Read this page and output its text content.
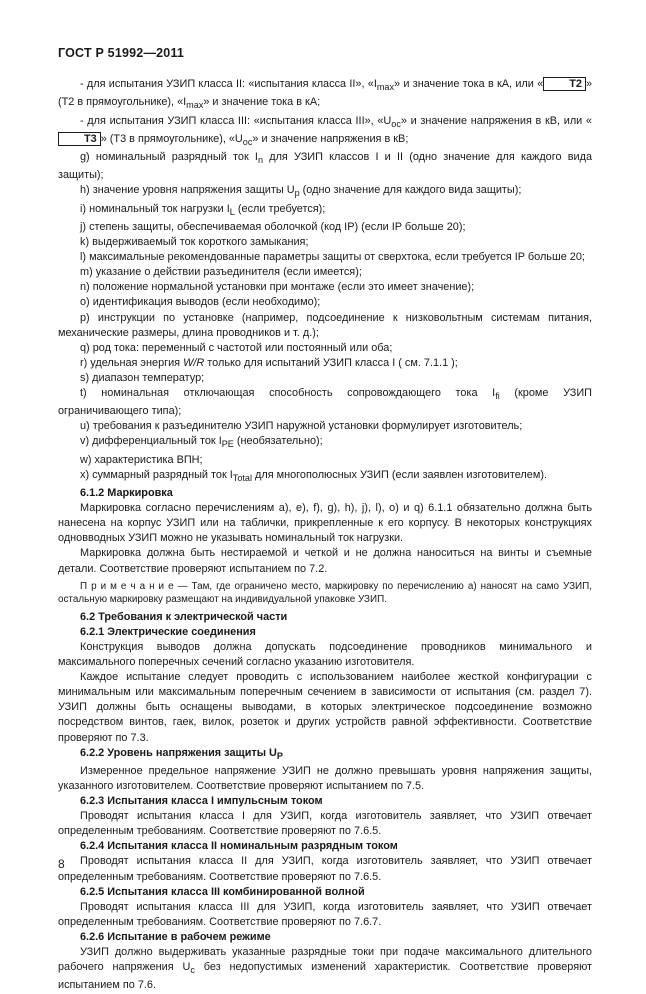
ГОСТ Р 51992—2011

- для испытания УЗИП класса II: «испытания класса II», «$I_{max}$» и значение тока в кА, или « T2 » (Т2 в прямоугольнике), «$I_{max}$» и значение тока в кА;

- для испытания УЗИП класса III: «испытания класса III», «$U_{oc}$» и значение напряжения в кВ, или «T3 » (Т3 в прямоугольнике), «$U_{oc}$» и значение напряжения в кВ;

g) номинальный разрядный ток $I_n$ для УЗИП классов I и II (одно значение для каждого вида защиты);

h) значение уровня напряжения защиты $U_p$ (одно значение для каждого вида защиты);

i) номинальный ток нагрузки $I_L$ (если требуется);

j) степень защиты, обеспечиваемая оболочкой (код IP) (если IP больше 20);

k) выдерживаемый ток короткого замыкания;

l) максимальные рекомендованные параметры защиты от сверхтока, если требуется IP больше 20;

m) указание о действии разъединителя (если имеется);

n) положение нормальной установки при монтаже (если это имеет значение);

o) идентификация выводов (если необходимо);

p) инструкции по установке (например, подсоединение к низковольтным системам питания, механические размеры, длина проводников и т. д.);

q) род тока: переменный с частотой или постоянный или оба;

r) удельная энергия W/R только для испытаний УЗИП класса I ( см. 7.1.1 );

s) диапазон температур;

t) номинальная отключающая способность сопровождающего тока $I_{fi}$ (кроме УЗИП ограничивающего типа);

u) требования к разъединителю УЗИП наружной установки формулирует изготовитель;

v) дифференциальный ток $I_{PE}$ (необязательно);

w) характеристика ВПН;

x) суммарный разрядный ток $I_{Total}$ для многополюсных УЗИП (если заявлен изготовителем).

6.1.2 Маркировка

Маркировка согласно перечислениям a), e), f), g), h), j), l), o) и q) 6.1.1 обязательно должна быть нанесена на корпус УЗИП или на таблички, прикрепленные к его корпусу. В некоторых конструкциях одновводных УЗИП можно не указывать номинальный ток нагрузки.

Маркировка должна быть нестираемой и четкой и не должна наноситься на винты и съемные детали. Соответствие проверяют испытанием по 7.2.

П р и м е ч а н и е — Там, где ограничено место, маркировку по перечислению a) наносят на само УЗИП, остальную маркировку размещают на индивидуальной упаковке УЗИП.

6.2 Требования к электрической части

6.2.1 Электрические соединения

Конструкция выводов должна допускать подсоединение проводников минимального и максимального поперечных сечений согласно указанию изготовителя.

Каждое испытание следует проводить с использованием наиболее жесткой конфигурации с минимальным или максимальным поперечным сечением в зависимости от испытания (см. раздел 7). УЗИП должны быть оснащены выводами, в которых электрическое подсоединение возможно посредством винтов, гаек, вилок, розеток и других устройств равной эффективности. Соответствие проверяют по 7.3.

6.2.2 Уровень напряжения защиты $U_P$

Измеренное предельное напряжение УЗИП не должно превышать уровня напряжения защиты, указанного изготовителем. Соответствие проверяют испытанием по 7.5.

6.2.3 Испытания класса I импульсным током

Проводят испытания класса I для УЗИП, когда изготовитель заявляет, что УЗИП отвечает определенным требованиям. Соответствие проверяют по 7.6.5.

6.2.4 Испытания класса II номинальным разрядным током

Проводят испытания класса II для УЗИП, когда изготовитель заявляет, что УЗИП отвечает определенным требованиям. Соответствие проверяют по 7.6.5.

6.2.5 Испытания класса III комбинированной волной

Проводят испытания класса III для УЗИП, когда изготовитель заявляет, что УЗИП отвечает определенным требованиям. Соответствие проверяют по 7.6.7.

6.2.6 Испытание в рабочем режиме

УЗИП должно выдерживать указанные разрядные токи при подаче максимального длительного рабочего напряжения $U_c$ без недопустимых изменений характеристик. Соответствие проверяют испытанием по 7.6.

8
